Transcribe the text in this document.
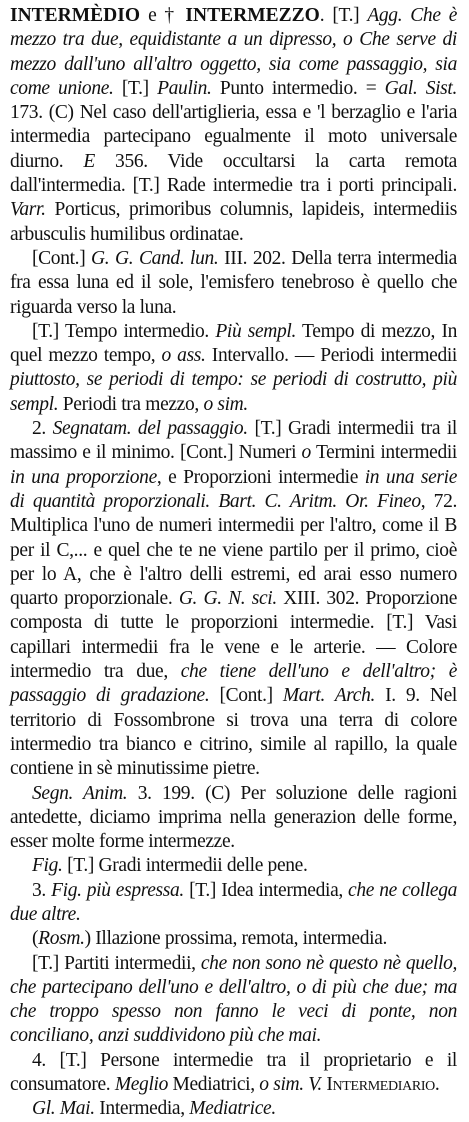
INTERMÈDIO e † INTERMEZZO. [T.] Agg. Che è mezzo tra due, equidistante a un dipresso, o Che serve di mezzo dall'uno all'altro oggetto, sia come passaggio, sia come unione. [T.] Paulin. Punto intermedio. = Gal. Sist. 173. (C) Nel caso dell'artiglieria, essa e 'l berzaglio e l'aria intermedia partecipano egualmente il moto universale diurno. E 356. Vide occultarsi la carta remota dall'intermedia. [T.] Rade intermedie tra i porti principali. Varr. Porticus, primoribus columnis, lapideis, intermediis arbusculis humilibus ordinatae.

[Cont.] G. G. Cand. lun. III. 202. Della terra intermedia fra essa luna ed il sole, l'emisfero tenebroso è quello che riguarda verso la luna.

[T.] Tempo intermedio. Più sempl. Tempo di mezzo, In quel mezzo tempo, o ass. Intervallo. — Periodi intermedii piuttosto, se periodi di tempo: se periodi di costrutto, più sempl. Periodi tra mezzo, o sim.

2. Segnatam. del passaggio. [T.] Gradi intermedii tra il massimo e il minimo. [Cont.] Numeri o Termini intermedii in una proporzione, e Proporzioni intermedie in una serie di quantità proporzionali. Bart. C. Aritm. Or. Fineo, 72. Multiplica l'uno de numeri intermedii per l'altro, come il B per il C,... e quel che te ne viene partilo per il primo, cioè per lo A, che è l'altro delli estremi, ed arai esso numero quarto proporzionale. G. G. N. sci. XIII. 302. Proporzione composta di tutte le proporzioni intermedie. [T.] Vasi capillari intermedii fra le vene e le arterie. — Colore intermedio tra due, che tiene dell'uno e dell'altro; è passaggio di gradazione. [Cont.] Mart. Arch. I. 9. Nel territorio di Fossombrone si trova una terra di colore intermedio tra bianco e citrino, simile al rapillo, la quale contiene in sè minutissime pietre.

Segn. Anim. 3. 199. (C) Per soluzione delle ragioni antedette, diciamo imprima nella generazion delle forme, esser molte forme intermezze.

Fig. [T.] Gradi intermedii delle pene.

3. Fig. più espressa. [T.] Idea intermedia, che ne collega due altre.

(Rosm.) Illazione prossima, remota, intermedia.

[T.] Partiti intermedii, che non sono nè questo nè quello, che partecipano dell'uno e dell'altro, o di più che due; ma che troppo spesso non fanno le veci di ponte, non conciliano, anzi suddividono più che mai.

4. [T.] Persone intermedie tra il proprietario e il consumatore. Meglio Mediatrici, o sim. V. Intermediario.

Gl. Mai. Intermedia, Mediatrice.
